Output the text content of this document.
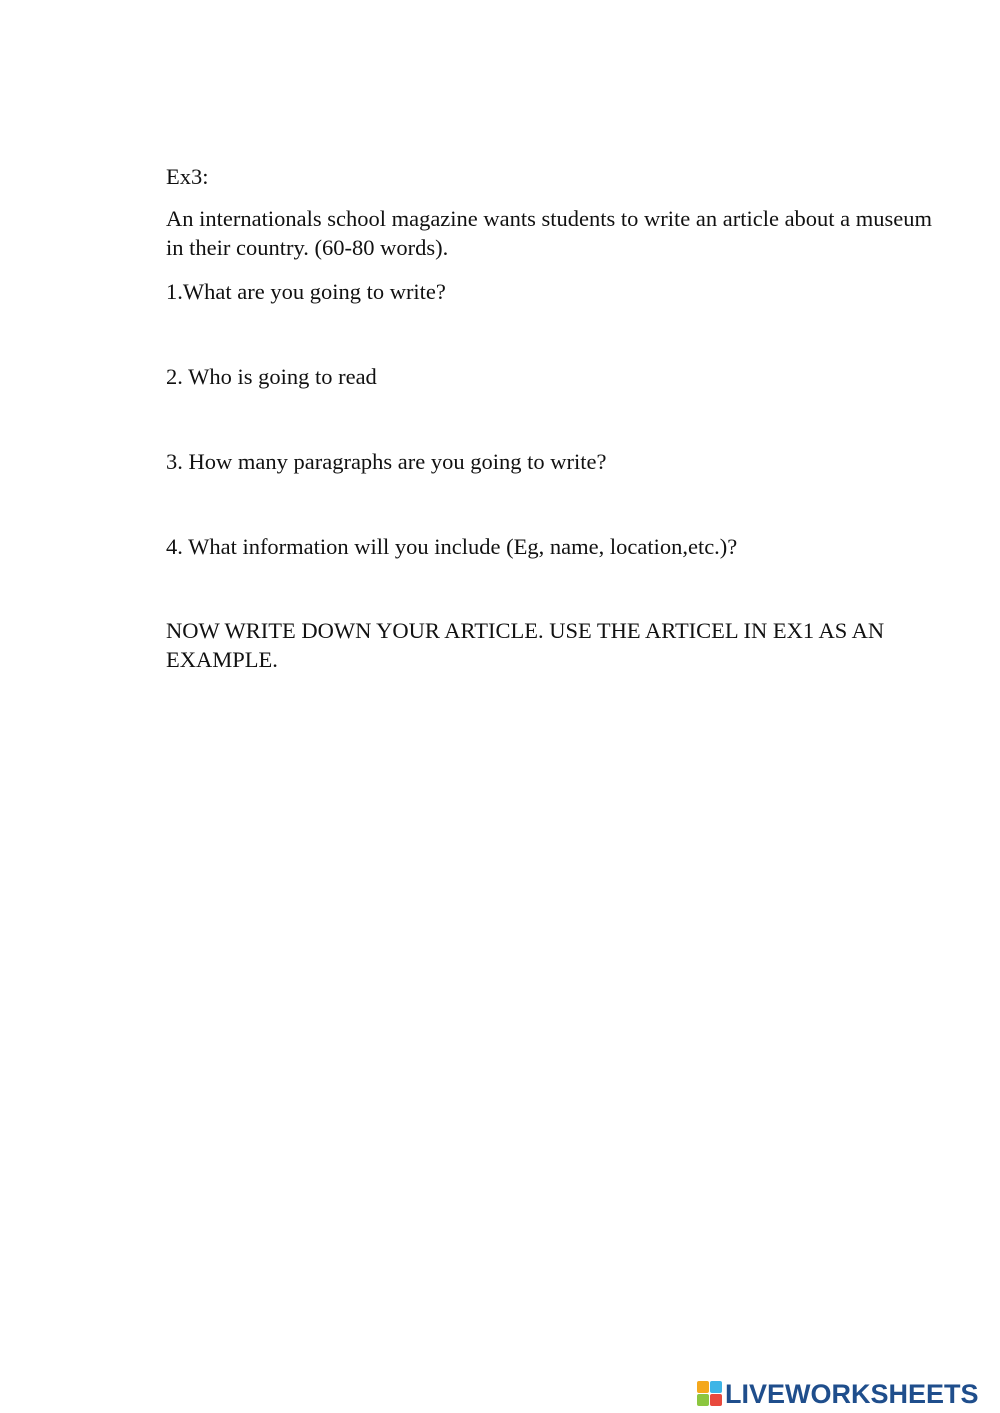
Ex3:

An internationals school magazine wants students to write an article about a museum in their country. (60-80 words).

1.What are you going to write?

2. Who is going to read

3. How many paragraphs are you going to write?

4. What information will you include (Eg, name, location,etc.)?

NOW WRITE DOWN YOUR ARTICLE. USE THE ARTICEL IN EX1 AS AN EXAMPLE.

LIVEWORKSHEETS
